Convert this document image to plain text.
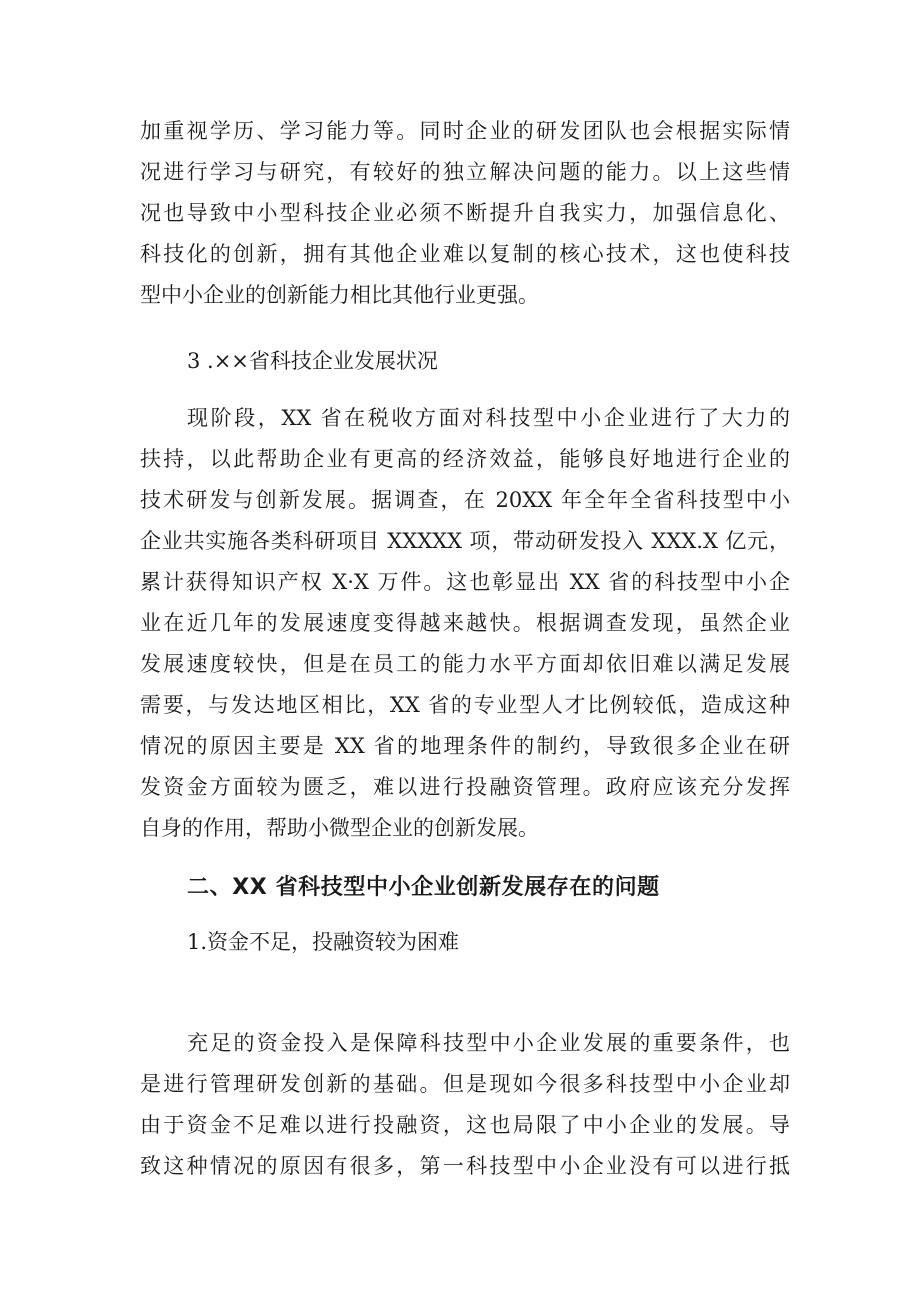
加重视学历、学习能力等。同时企业的研发团队也会根据实际情

况进行学习与研究，有较好的独立解决问题的能力。以上这些情

况也导致中小型科技企业必须不断提升自我实力，加强信息化、

科技化的创新，拥有其他企业难以复制的核心技术，这也使科技

型中小企业的创新能力相比其他行业更强。

3 .××省科技企业发展状况

现阶段，XX 省在税收方面对科技型中小企业进行了大力的

扶持，以此帮助企业有更高的经济效益，能够良好地进行企业的

技术研发与创新发展。据调查，在 20XX 年全年全省科技型中小

企业共实施各类科研项目 XXXXX 项，带动研发投入 XXX.X 亿元，

累计获得知识产权 X·X 万件。这也彰显出 XX 省的科技型中小企

业在近几年的发展速度变得越来越快。根据调查发现，虽然企业

发展速度较快，但是在员工的能力水平方面却依旧难以满足发展

需要，与发达地区相比，XX 省的专业型人才比例较低，造成这种

情况的原因主要是 XX 省的地理条件的制约，导致很多企业在研

发资金方面较为匮乏，难以进行投融资管理。政府应该充分发挥

自身的作用，帮助小微型企业的创新发展。

二、XX 省科技型中小企业创新发展存在的问题

1.资金不足，投融资较为困难

充足的资金投入是保障科技型中小企业发展的重要条件，也

是进行管理研发创新的基础。但是现如今很多科技型中小企业却

由于资金不足难以进行投融资，这也局限了中小企业的发展。导

致这种情况的原因有很多，第一科技型中小企业没有可以进行抵
